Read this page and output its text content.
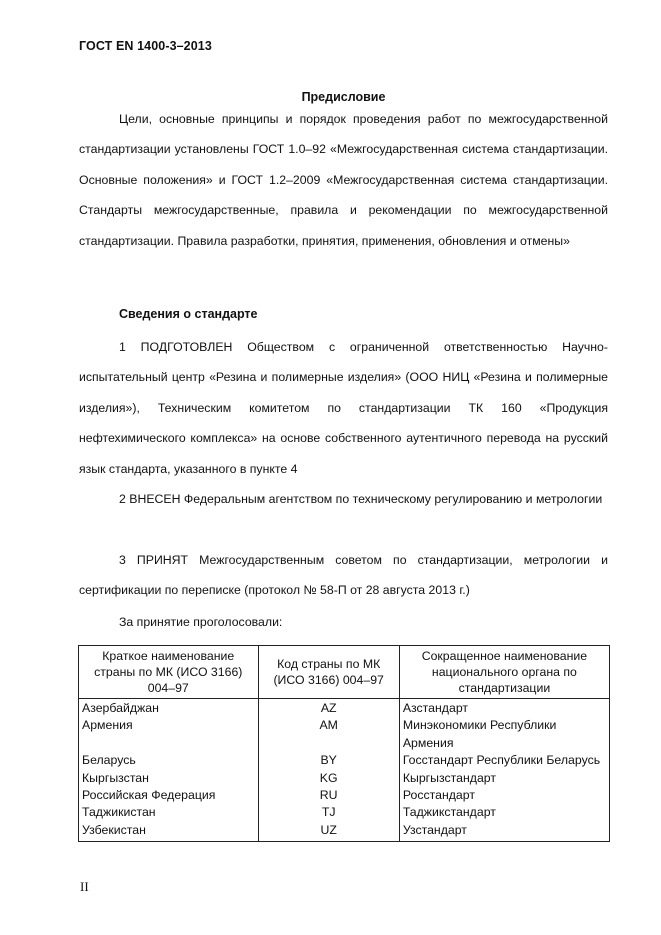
ГОСТ EN 1400-3–2013
Предисловие

Цели, основные принципы и порядок проведения работ по межгосударственной стандартизации установлены ГОСТ 1.0–92 «Межгосударственная система стандартизации. Основные положения» и ГОСТ 1.2–2009 «Межгосударственная система стандартизации. Стандарты межгосударственные, правила и рекомендации по межгосударственной стандартизации. Правила разработки, принятия, применения, обновления и отмены»

Сведения о стандарте

1 ПОДГОТОВЛЕН Обществом с ограниченной ответственностью Научно-испытательный центр «Резина и полимерные изделия» (ООО НИЦ «Резина и полимерные изделия»), Техническим комитетом по стандартизации ТК 160 «Продукция нефтехимического комплекса» на основе собственного аутентичного перевода на русский язык стандарта, указанного в пункте 4

2 ВНЕСЕН Федеральным агентством по техническому регулированию и метрологии

3 ПРИНЯТ Межгосударственным советом по стандартизации, метрологии и сертификации по переписке (протокол № 58-П от 28 августа 2013 г.)

За принятие проголосовали:
Краткое наименование страны по МК (ИСО 3166) 004–97	Код страны по МК (ИСО 3166) 004–97	Сокращенное наименование национального органа по стандартизации
Азербайджан	AZ	Азстандарт
Армения	AM	Минэкономики Республики Армения
Беларусь	BY	Госстандарт Республики Беларусь
Кыргызстан	KG	Кыргызстандарт
Российская Федерация	RU	Росстандарт
Таджикистан	TJ	Таджикстандарт
Узбекистан	UZ	Узстандарт
II
